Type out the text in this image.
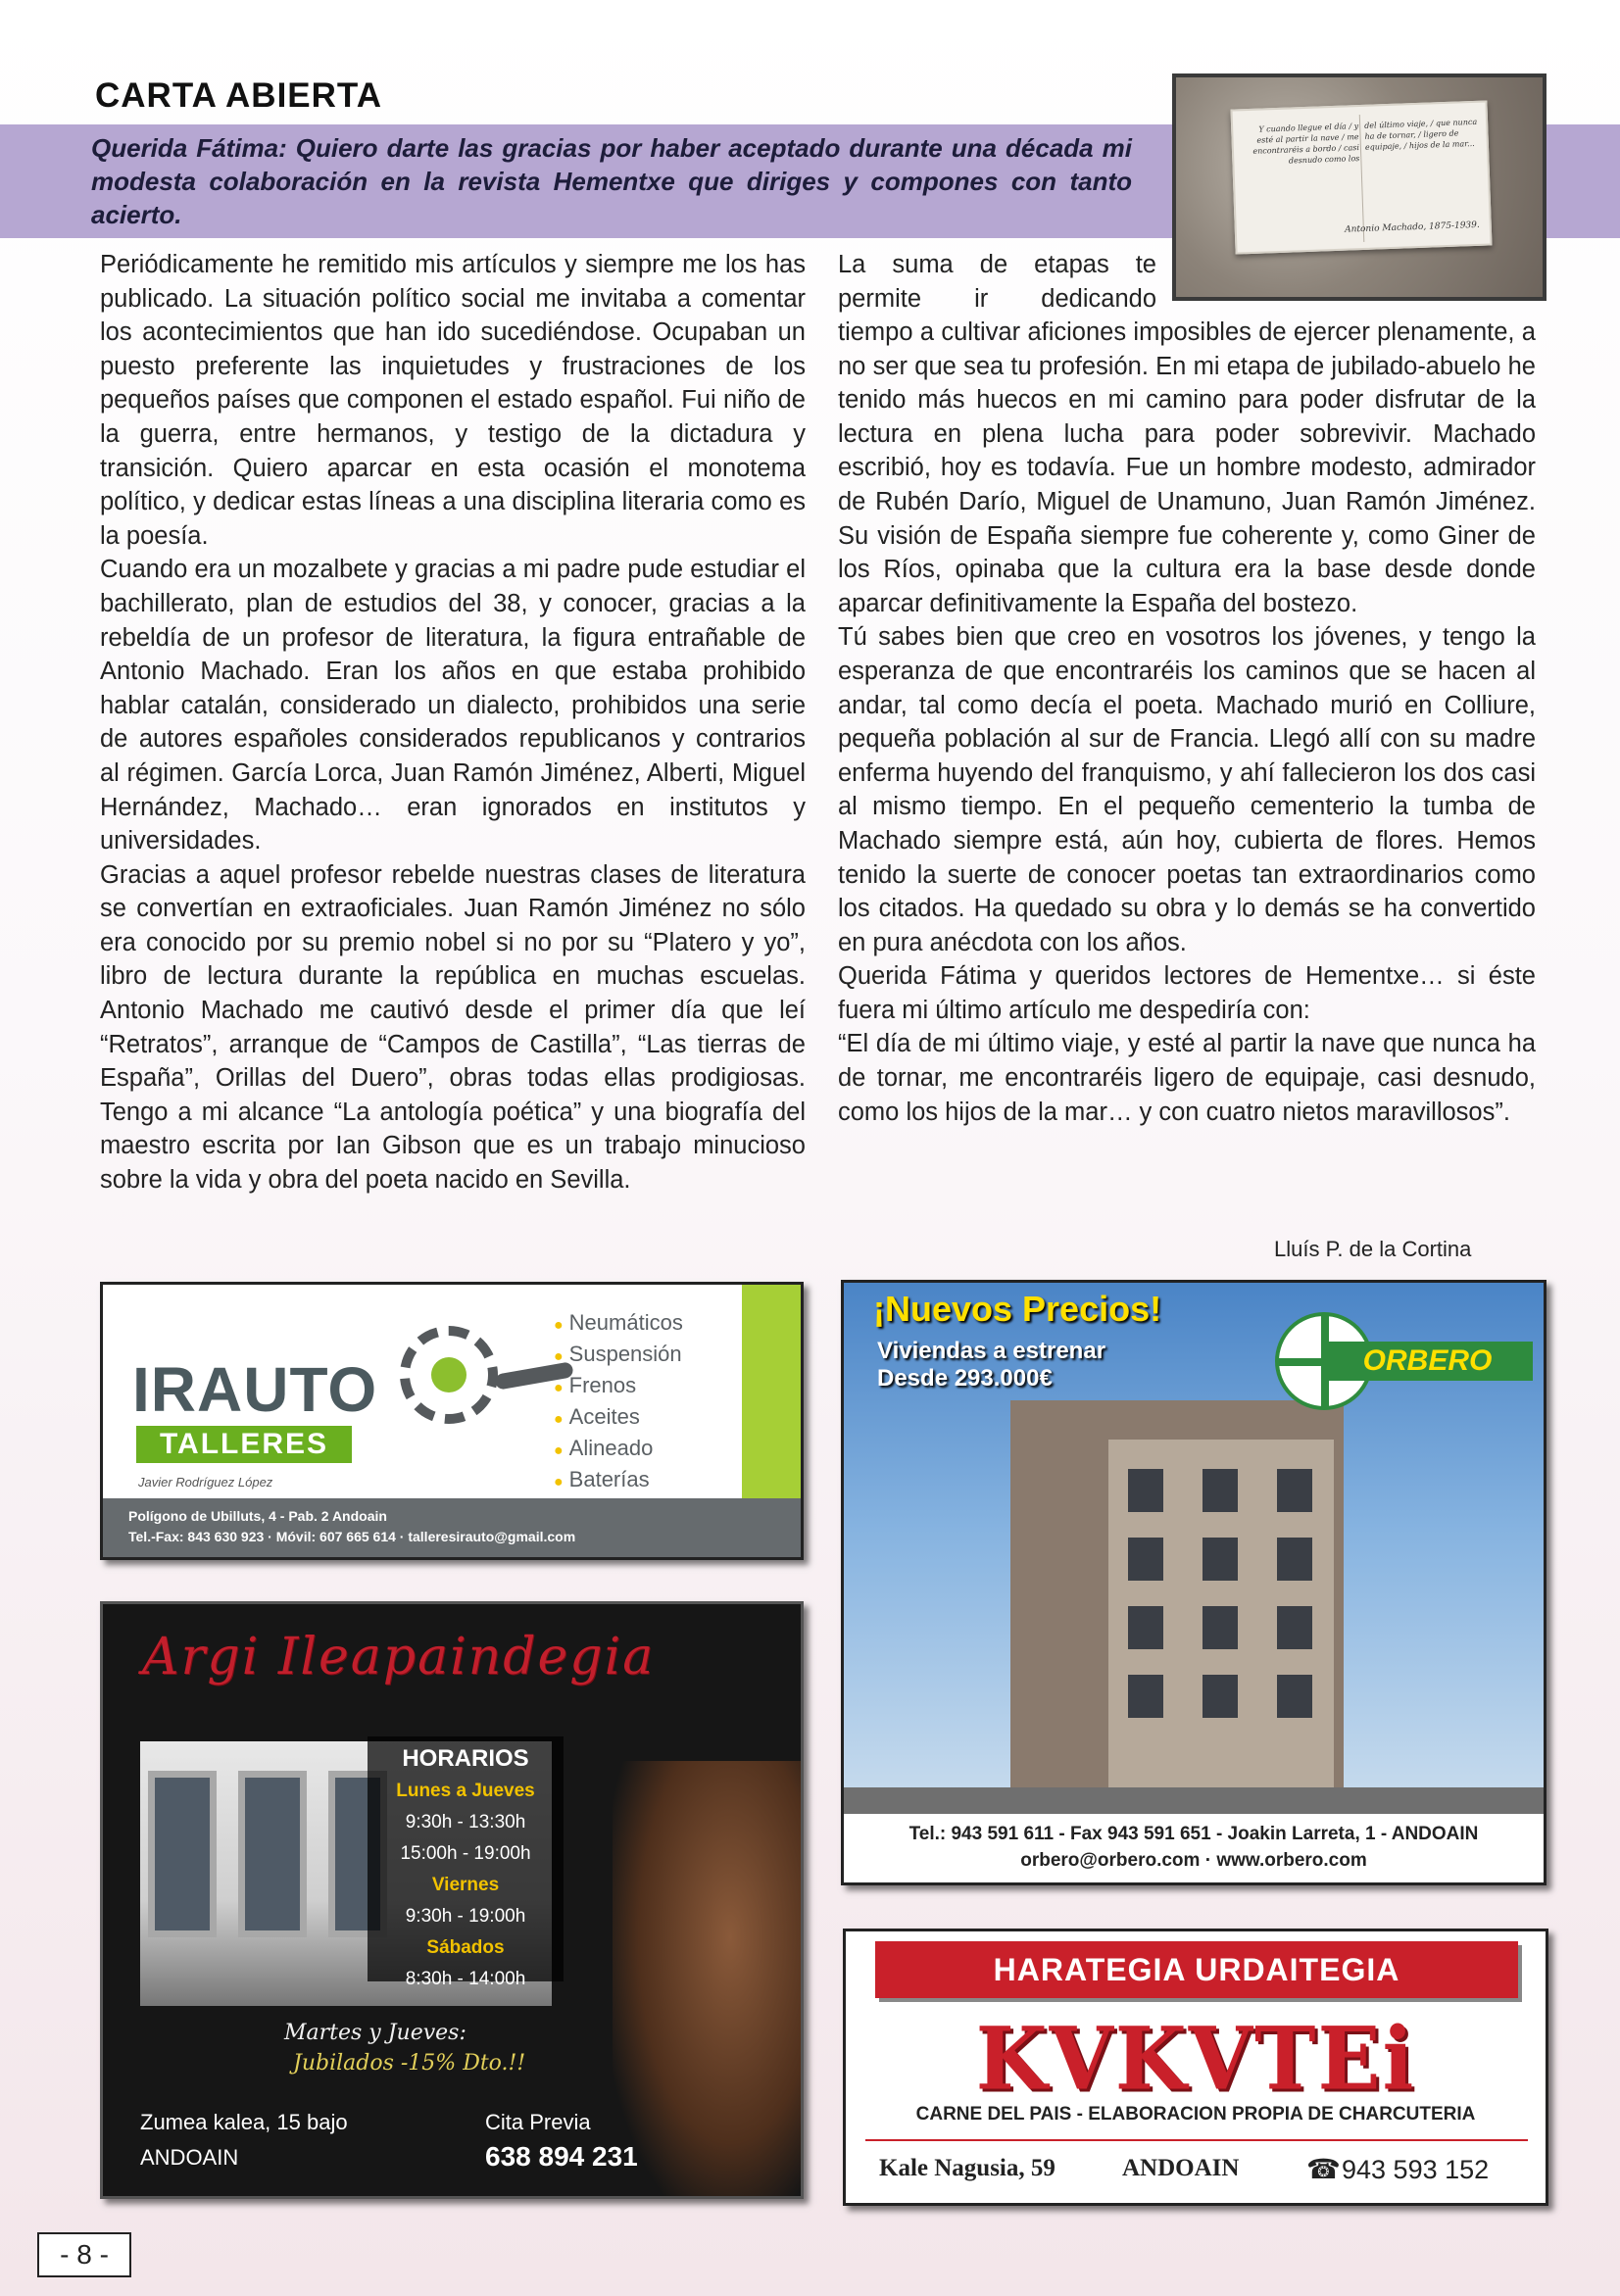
CARTA ABIERTA
Querida Fátima: Quiero darte las gracias por haber aceptado durante una década mi modesta colaboración en la revista Hementxe que diriges y compones con tanto acierto.
Y cuando llegue el día / y esté al partir la nave / me encontraréis a bordo / casi desnudo como los
del último viaje, / que nunca ha de tornar, / ligero de equipaje, / hijos de la mar...
Antonio Machado, 1875-1939.

Periódicamente he remitido mis artículos y siempre me los has publicado. La situación político social me invitaba a comentar los acontecimientos que han ido sucediéndose. Ocupaban un puesto preferente las inquietudes y frustraciones de los pequeños países que componen el estado español. Fui niño de la guerra, entre hermanos, y testigo de la dictadura y transición. Quiero aparcar en esta ocasión el monotema político, y dedicar estas líneas a una disciplina literaria como es la poesía.

Cuando era un mozalbete y gracias a mi padre pude estudiar el bachillerato, plan de estudios del 38, y conocer, gracias a la rebeldía de un profesor de literatura, la figura entrañable de Antonio Machado. Eran los años en que estaba prohibido hablar catalán, considerado un dialecto, prohibidos una serie de autores españoles considerados republicanos y contrarios al régimen. García Lorca, Juan Ramón Jiménez, Alberti, Miguel Hernández, Machado… eran ignorados en institutos y universidades.

Gracias a aquel profesor rebelde nuestras clases de literatura se convertían en extraoficiales. Juan Ramón Jiménez no sólo era conocido por su premio nobel si no por su “Platero y yo”, libro de lectura durante la república en muchas escuelas. Antonio Machado me cautivó desde el primer día que leí “Retratos”, arranque de “Campos de Castilla”, “Las tierras de España”, Orillas del Duero”, obras todas ellas prodigiosas. Tengo a mi alcance “La antología poética” y una biografía del maestro escrita por Ian Gibson que es un trabajo minucioso sobre la vida y obra del poeta nacido en Sevilla.

La suma de etapas te permite ir dedicando

tiempo a cultivar aficiones imposibles de ejercer plenamente, a no ser que sea tu profesión. En mi etapa de jubilado-abuelo he tenido más huecos en mi camino para poder disfrutar de la lectura en plena lucha para poder sobrevivir. Machado escribió, hoy es todavía. Fue un hombre modesto, admirador de Rubén Darío, Miguel de Unamuno, Juan Ramón Jiménez. Su visión de España siempre fue coherente y, como Giner de los Ríos, opinaba que la cultura era la base desde donde aparcar definitivamente la España del bostezo.

Tú sabes bien que creo en vosotros los jóvenes, y tengo la esperanza de que encontraréis los caminos que se hacen al andar, tal como decía el poeta. Machado murió en Colliure, pequeña población al sur de Francia. Llegó allí con su madre enferma huyendo del franquismo, y ahí fallecieron los dos casi al mismo tiempo. En el pequeño cementerio la tumba de Machado siempre está, aún hoy, cubierta de flores. Hemos tenido la suerte de conocer poetas tan extraordinarios como los citados. Ha quedado su obra y lo demás se ha convertido en pura anécdota con los años.

Querida Fátima y queridos lectores de Hementxe… si éste fuera mi último artículo me despediría con:

“El día de mi último viaje, y esté al partir la nave que nunca ha de tornar, me encontraréis ligero de equipaje, casi desnudo, como los hijos de la mar… y con cuatro nietos maravillosos”.

Lluís P. de la Cortina
IRAUTO
TALLERES
Javier Rodríguez López
● Neumáticos
● Suspensión
● Frenos
● Aceites
● Alineado
● Baterías
Polígono de Ubilluts, 4 - Pab. 2 Andoain
Tel.-Fax: 843 630 923 · Móvil: 607 665 614 · talleresirauto@gmail.com
¡Nuevos Precios!
Viviendas a estrenar
Desde 293.000€
ORBERO
Tel.: 943 591 611 - Fax 943 591 651 - Joakin Larreta, 1 - ANDOAIN
orbero@orbero.com · www.orbero.com
Argi Ileapaindegia
HORARIOS
Lunes a Jueves
9:30h - 13:30h
15:00h - 19:00h
Viernes
9:30h - 19:00h
Sábados
8:30h - 14:00h
Martes y Jueves:
Jubilados -15% Dto.!!
Zumea kalea, 15 bajo
ANDOAIN
Cita Previa
638 894 231
HARATEGIA URDAITEGIA
KVKVTEi
CARNE DEL PAIS - ELABORACION PROPIA DE CHARCUTERIA
Kale Nagusia, 59	ANDOAIN ☎ 943 593 152
- 8 -
